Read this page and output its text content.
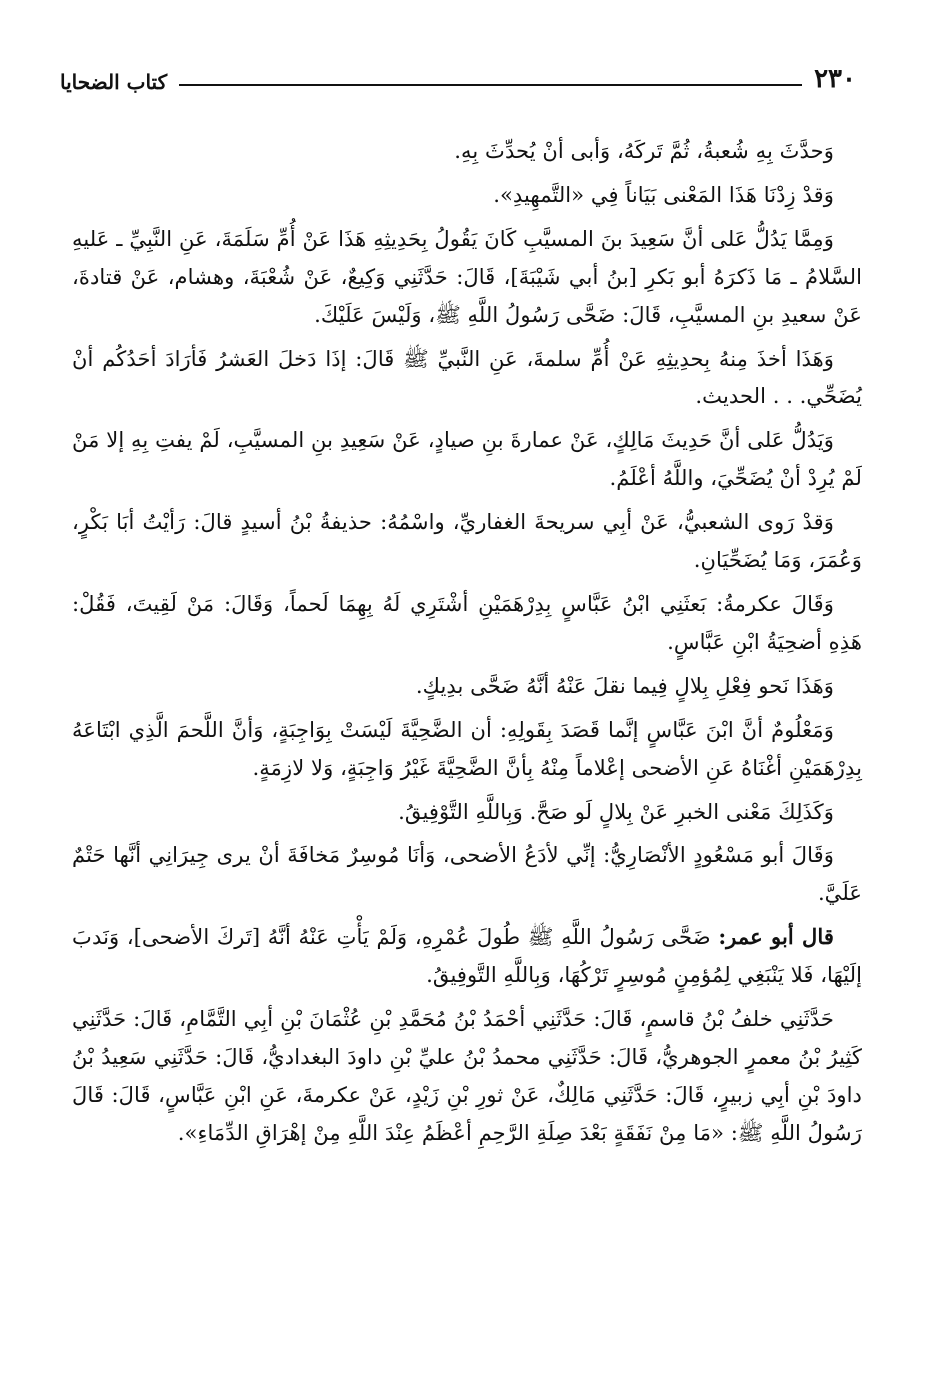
٢٣٠
كتاب الضحايا

وَحدَّثَ بِهِ شُعبةُ، ثُمَّ تَركَهُ، وَأبى أنْ يُحدِّثَ بِهِ.

وَقدْ زِدْنَا هَذَا المَعْنى بَيَاناً فِي «التَّمهِيدِ».

وَمِمَّا يَدُلُّ عَلى أنَّ سَعِيدَ بنَ المسيَّبِ كَانَ يَقُولُ بِحَدِيثِهِ هَذَا عَنْ أُمِّ سَلَمَةَ، عَنِ النَّبِيِّ ـ عَليهِ السَّلامُ ـ مَا ذَكرَهُ أبو بَكرِ [بنُ أبي شَيْبَةَ]، قَالَ: حَدَّثَنِي وَكِيعٌ، عَنْ شُعْبَةَ، وهشام، عَنْ قتادةَ، عَنْ سعيدِ بنِ المسيَّبِ، قَالَ: ضَحَّى رَسُولُ اللَّهِ ﷺ، وَلَيْسَ عَلَيْكَ.

وَهَذَا أخذَ مِنهُ بِحدِيثِهِ عَنْ أُمِّ سلمةَ، عَنِ النَّبيِّ ﷺ قَالَ: إذَا دَخلَ العَشرُ فَأرَادَ أحَدُكُم أنْ يُضَحِّي. . . الحديث.

وَيَدُلُّ عَلى أنَّ حَدِيثَ مَالِكٍ، عَنْ عمارةَ بنِ صيادٍ، عَنْ سَعِيدِ بنِ المسيَّبِ، لَمْ يفتِ بِهِ إلا مَنْ لَمْ يُرِدْ أنْ يُضَحِّيَ، واللَّهُ أعْلَمُ.

وَقدْ رَوى الشعبيُّ، عَنْ أبِي سريحةَ الغفاريِّ، واسْمُهُ: حذيفةُ بْنُ أسيدٍ قالَ: رَأيْتُ أبَا بَكْرٍ، وَعُمَرَ، وَمَا يُضَحِّيَانِ.

وَقَالَ عكرمةُ: بَعثَنِي ابْنُ عَبَّاسٍ بِدِرْهَمَيْنِ أشْتَرِي لَهُ بِهِمَا لَحماً، وَقَالَ: مَنْ لَقِيتَ، فَقُلْ: هَذِهِ أضحِيَةُ ابْنِ عَبَّاسٍ.

وَهَذَا نَحو فِعْلِ بِلالٍ فِيما نقلَ عَنْهُ أنَّهُ ضَحَّى بدِيكٍ.

وَمَعْلُومٌ أنَّ ابْنَ عَبَّاسٍ إنَّما قَصَدَ بِقَولِهِ: أن الضَّحِيَّةَ لَيْسَتْ بِوَاجِبَةٍ، وَأنَّ اللَّحمَ الَّذِي ابْتَاعَهُ بِدِرْهَمَيْنِ أغْنَاهُ عَنِ الأضحى إعْلاماً مِنْهُ بِأنَّ الضَّحِيَّةَ غَيْرُ وَاجِبَةٍ، وَلا لازِمَةٍ.

وَكَذَلِكَ مَعْنى الخبرِ عَنْ بِلالٍ لَو صَحَّ. وَبِاللَّهِ التَّوْفِيقُ.

وَقَالَ أبو مَسْعُودٍ الأنْصَارِيُّ: إنِّي لأدَعُ الأضحى، وَأنَا مُوسِرٌ مَخافَةَ أنْ يرى جِيرَانِي أنَّها حَتْمٌ عَلَيَّ.

قال أبو عمر: ضَحَّى رَسُولُ اللَّهِ ﷺ طُولَ عُمْرِهِ، وَلَمْ يَأْتِ عَنْهُ أنَّهُ [تَركَ الأضحى]، وَنَدبَ إلَيْهَا، فَلا يَنْبَغِي لِمُؤمِنٍ مُوسِرٍ تَرْكُهَا، وَبِاللَّهِ التَّوفِيقُ.

حَدَّثَنِي خلفُ بْنُ قاسمٍ، قَالَ: حَدَّثَنِي أحْمَدُ بْنُ مُحَمَّدِ بْنِ عُثْمَانَ بْنِ أبِي التَّمَّامِ، قَالَ: حَدَّثَنِي كَثِيرُ بْنُ معمرٍ الجوهريُّ، قَالَ: حَدَّثَنِي محمدُ بْنُ عليِّ بْنِ داودَ البغداديُّ، قَالَ: حَدَّثَنِي سَعِيدُ بْنُ داودَ بْنِ أبِي زبيرٍ، قَالَ: حَدَّثَنِي مَالِكٌ، عَنْ ثورِ بْنِ زَيْدٍ، عَنْ عكرمةَ، عَنِ ابْنِ عَبَّاسٍ، قَالَ: قَالَ رَسُولُ اللَّهِ ﷺ: «مَا مِنْ نَفَقَةٍ بَعْدَ صِلَةِ الرَّحِمِ أعْظَمُ عِنْدَ اللَّهِ مِنْ إهْرَاقِ الدِّمَاءِ».
